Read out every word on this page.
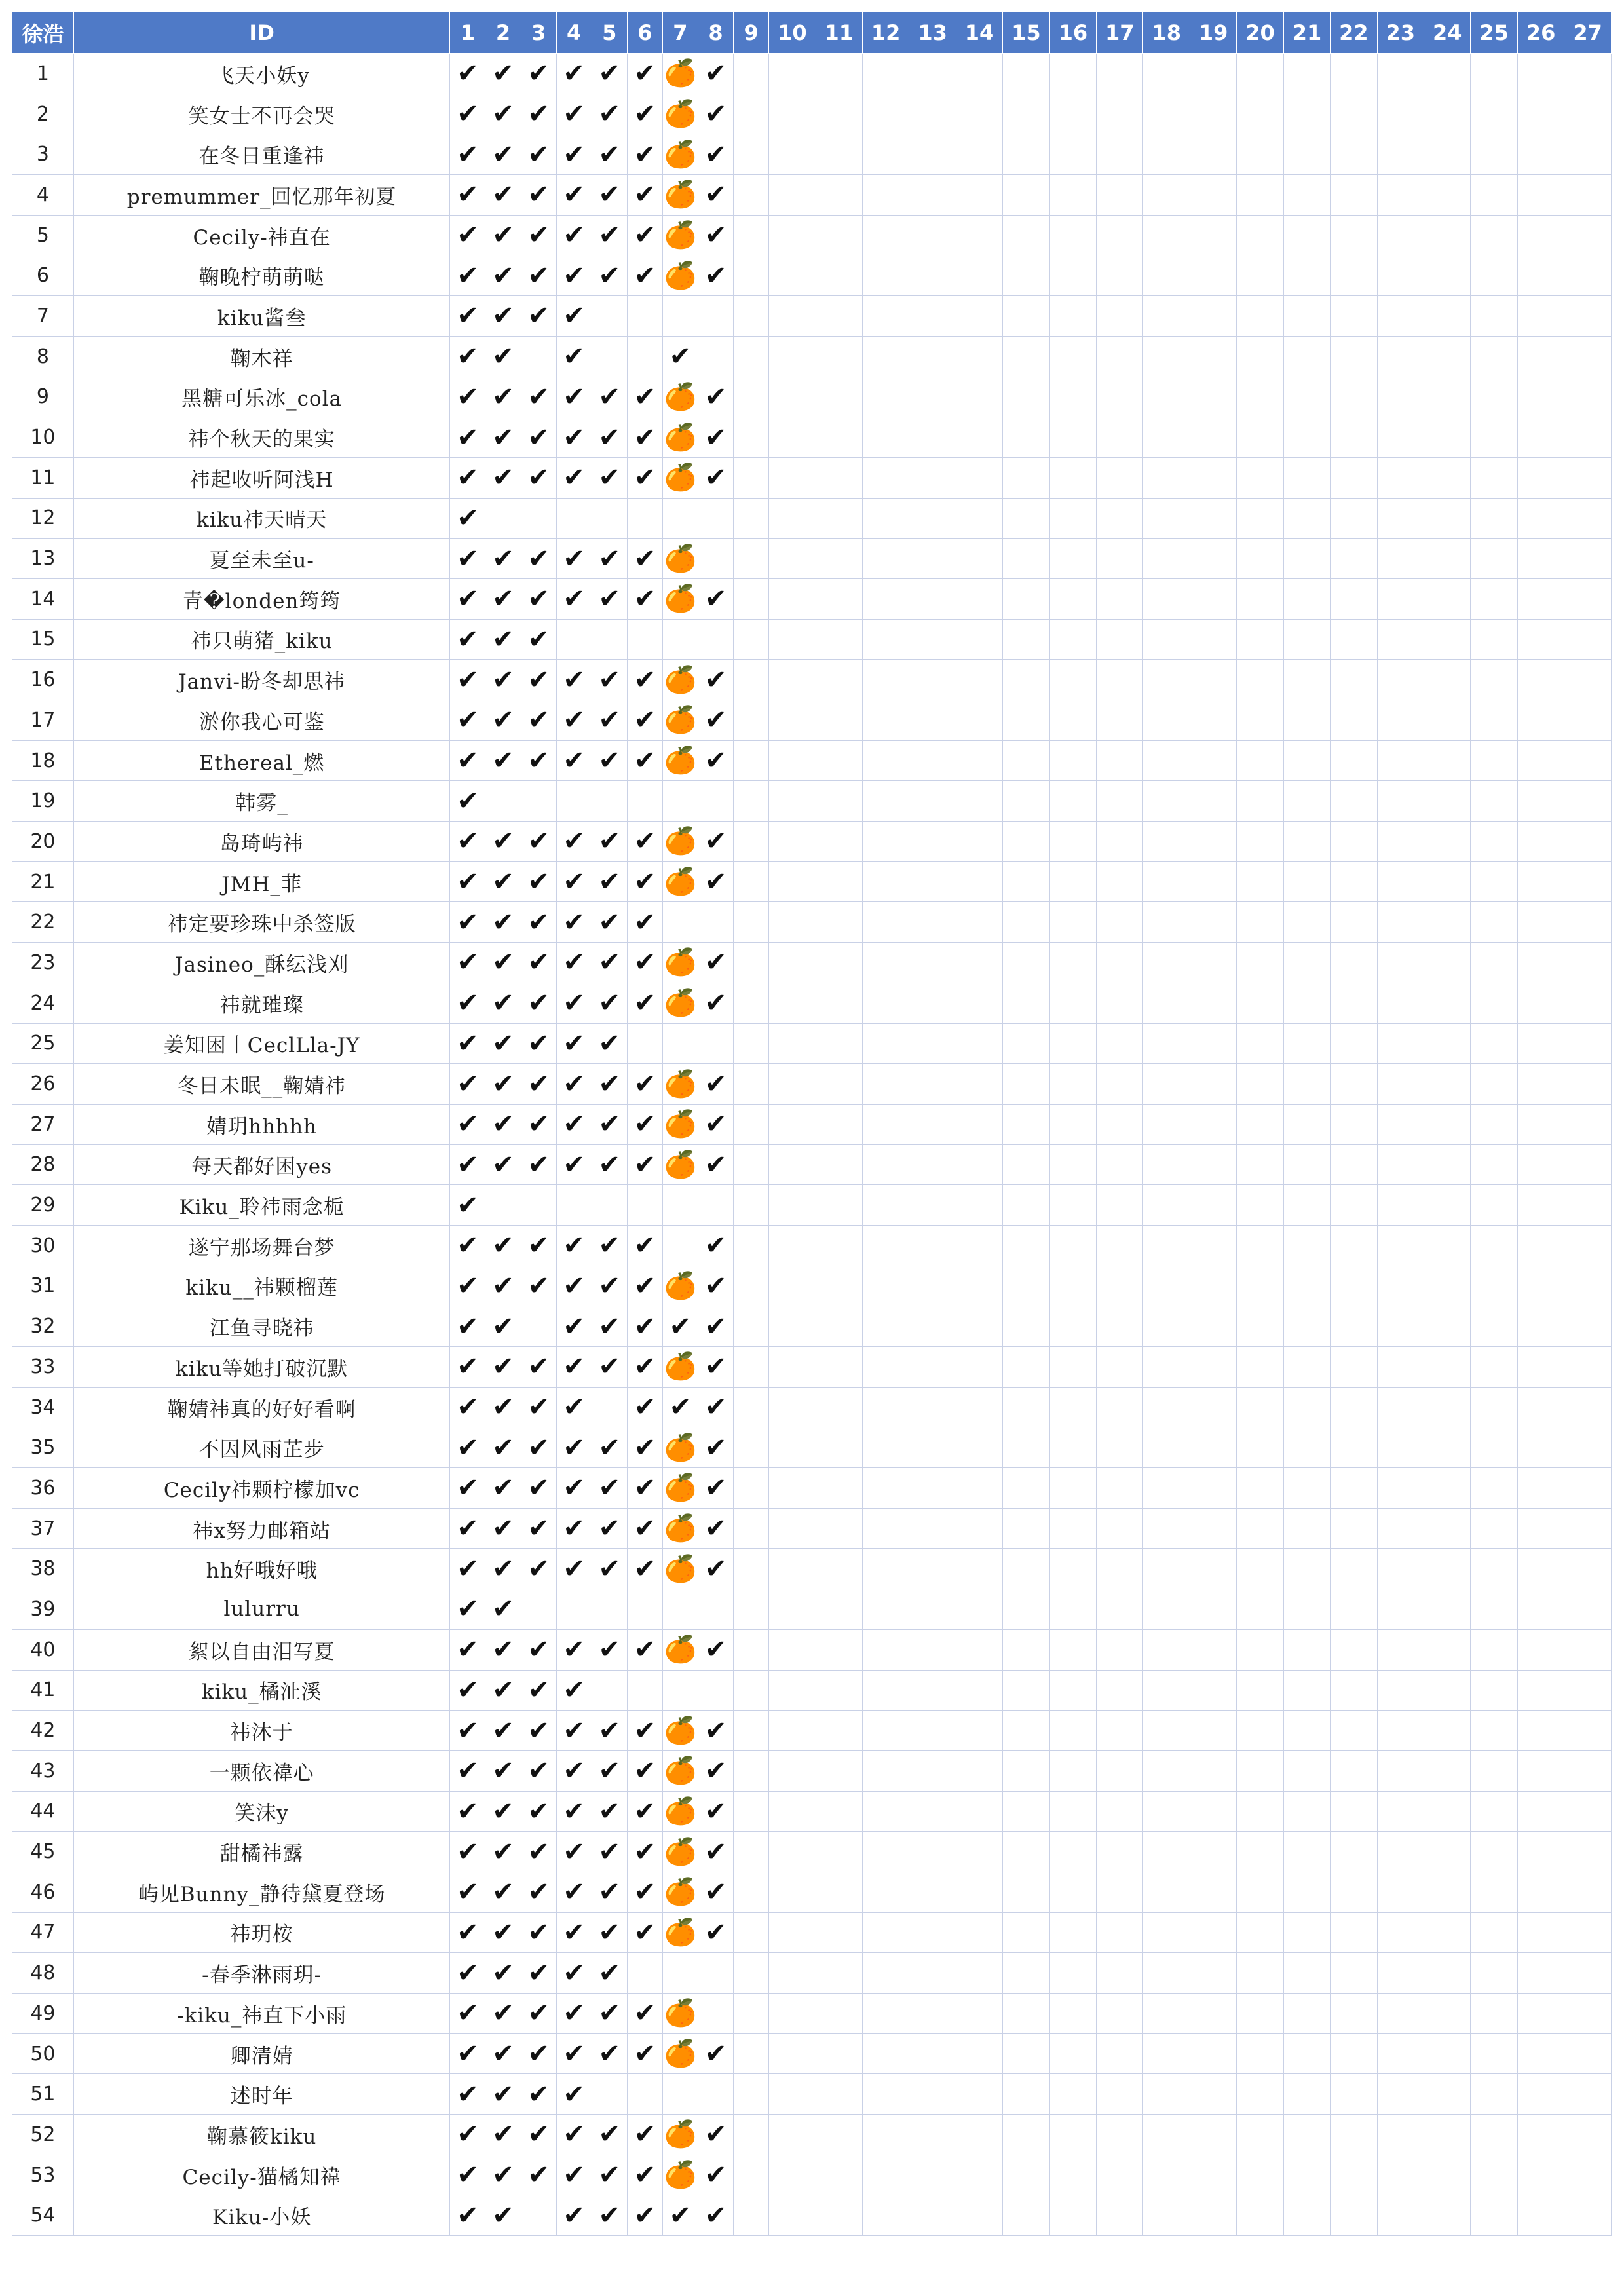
徐浩	ID	1	2	3	4	5	6	7	8	9	10	11	12	13	14	15	16	17	18	19	20	21	22	23	24	25	26	27
1	飞天小妖y	✔	✔	✔	✔	✔	✔	🍊	✔																			
2	笑女士不再会哭	✔	✔	✔	✔	✔	✔	🍊	✔																			
3	在冬日重逢祎	✔	✔	✔	✔	✔	✔	🍊	✔																			
4	premummer_回忆那年初夏	✔	✔	✔	✔	✔	✔	🍊	✔																			
5	Cecily-祎直在	✔	✔	✔	✔	✔	✔	🍊	✔																			
6	鞠晚柠萌萌哒	✔	✔	✔	✔	✔	✔	🍊	✔																			
7	kiku酱叁	✔	✔	✔	✔																							
8	鞠木祥	✔	✔		✔			✔																				
9	黑糖可乐冰_cola	✔	✔	✔	✔	✔	✔	🍊	✔																			
10	祎个秋天的果实	✔	✔	✔	✔	✔	✔	🍊	✔																			
11	祎起收听阿浅H	✔	✔	✔	✔	✔	✔	🍊	✔																			
12	kiku祎天晴天	✔																										
13	夏至未至u-	✔	✔	✔	✔	✔	✔	🍊																				
14	青�londen筠筠	✔	✔	✔	✔	✔	✔	🍊	✔																			
15	祎只萌猪_kiku	✔	✔	✔																								
16	Janvi-盼冬却思祎	✔	✔	✔	✔	✔	✔	🍊	✔																			
17	淤你我心可鉴	✔	✔	✔	✔	✔	✔	🍊	✔																			
18	Ethereal_燃	✔	✔	✔	✔	✔	✔	🍊	✔																			
19	韩雾_	✔																										
20	岛琦屿祎	✔	✔	✔	✔	✔	✔	🍊	✔																			
21	JMH_菲	✔	✔	✔	✔	✔	✔	🍊	✔																			
22	祎定要珍珠中杀签版	✔	✔	✔	✔	✔	✔																					
23	Jasineo_酥纭浅刈	✔	✔	✔	✔	✔	✔	🍊	✔																			
24	祎就璀璨	✔	✔	✔	✔	✔	✔	🍊	✔																			
25	姜知困丨CeclLla-JY	✔	✔	✔	✔	✔																						
26	冬日未眠__鞠婧祎	✔	✔	✔	✔	✔	✔	🍊	✔																			
27	婧玥hhhhh	✔	✔	✔	✔	✔	✔	🍊	✔																			
28	每天都好困yes	✔	✔	✔	✔	✔	✔	🍊	✔																			
29	Kiku_聆祎雨念栀	✔																										
30	遂宁那场舞台梦	✔	✔	✔	✔	✔	✔		✔																			
31	kiku__祎颗榴莲	✔	✔	✔	✔	✔	✔	🍊	✔																			
32	江鱼寻晓祎	✔	✔		✔	✔	✔	✔	✔																			
33	kiku等她打破沉默	✔	✔	✔	✔	✔	✔	🍊	✔																			
34	鞠婧祎真的好好看啊	✔	✔	✔	✔		✔	✔	✔																			
35	不因风雨芷步	✔	✔	✔	✔	✔	✔	🍊	✔																			
36	Cecily祎颗柠檬加vc	✔	✔	✔	✔	✔	✔	🍊	✔																			
37	祎x努力邮箱站	✔	✔	✔	✔	✔	✔	🍊	✔																			
38	hh好哦好哦	✔	✔	✔	✔	✔	✔	🍊	✔																			
39	lulurru	✔	✔																									
40	絮以自由泪写夏	✔	✔	✔	✔	✔	✔	🍊	✔																			
41	kiku_橘沚溪	✔	✔	✔	✔																							
42	祎沐于	✔	✔	✔	✔	✔	✔	🍊	✔																			
43	一颗依禕心	✔	✔	✔	✔	✔	✔	🍊	✔																			
44	笑沫y	✔	✔	✔	✔	✔	✔	🍊	✔																			
45	甜橘祎露	✔	✔	✔	✔	✔	✔	🍊	✔																			
46	屿见Bunny_静待黛夏登场	✔	✔	✔	✔	✔	✔	🍊	✔																			
47	祎玥桉	✔	✔	✔	✔	✔	✔	🍊	✔																			
48	-春季淋雨玥-	✔	✔	✔	✔	✔																						
49	-kiku_祎直下小雨	✔	✔	✔	✔	✔	✔	🍊																				
50	卿清婧	✔	✔	✔	✔	✔	✔	🍊	✔																			
51	述时年	✔	✔	✔	✔																							
52	鞠慕筱kiku	✔	✔	✔	✔	✔	✔	🍊	✔																			
53	Cecily-猫橘知禕	✔	✔	✔	✔	✔	✔	🍊	✔																			
54	Kiku-小妖	✔	✔		✔	✔	✔	✔	✔																			
